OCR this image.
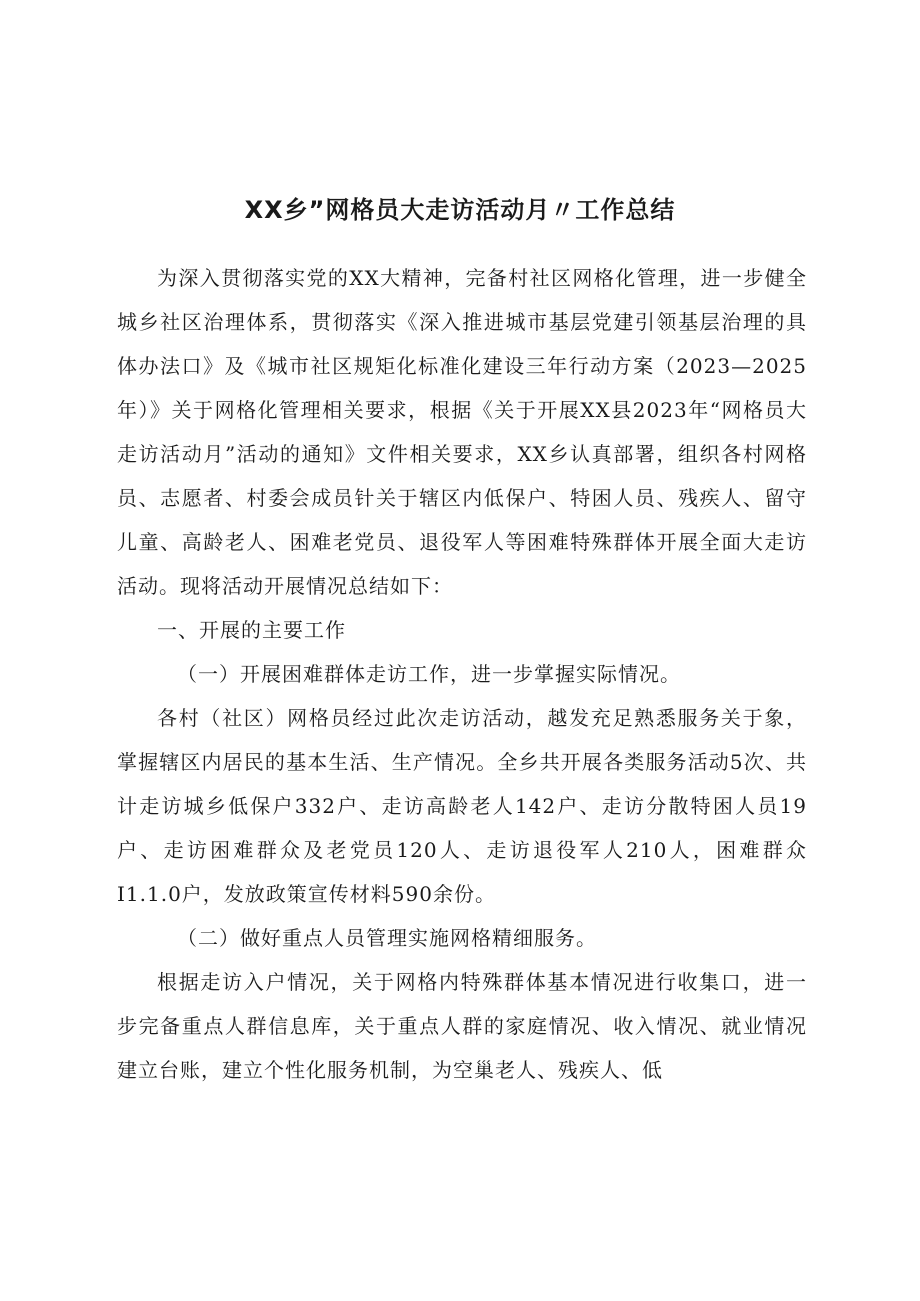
XX乡”网格员大走访活动月〃工作总结

为深入贯彻落实党的XX大精神，完备村社区网格化管理，进一步健全城乡社区治理体系，贯彻落实《深入推进城市基层党建引领基层治理的具体办法口》及《城市社区规矩化标准化建设三年行动方案（2023—2025年）》关于网格化管理相关要求，根据《关于开展XX县2023年“网格员大走访活动月”活动的通知》文件相关要求，XX乡认真部署，组织各村网格员、志愿者、村委会成员针关于辖区内低保户、特困人员、残疾人、留守儿童、高龄老人、困难老党员、退役军人等困难特殊群体开展全面大走访活动。现将活动开展情况总结如下：

一、开展的主要工作

（一）开展困难群体走访工作，进一步掌握实际情况。

各村（社区）网格员经过此次走访活动，越发充足熟悉服务关于象，掌握辖区内居民的基本生活、生产情况。全乡共开展各类服务活动5次、共计走访城乡低保户332户、走访高龄老人142户、走访分散特困人员19户、走访困难群众及老党员120人、走访退役军人210人，困难群众I1.1.0户，发放政策宣传材料590余份。

（二）做好重点人员管理实施网格精细服务。

根据走访入户情况，关于网格内特殊群体基本情况进行收集口，进一步完备重点人群信息库，关于重点人群的家庭情况、收入情况、就业情况建立台账，建立个性化服务机制，为空巢老人、残疾人、低
